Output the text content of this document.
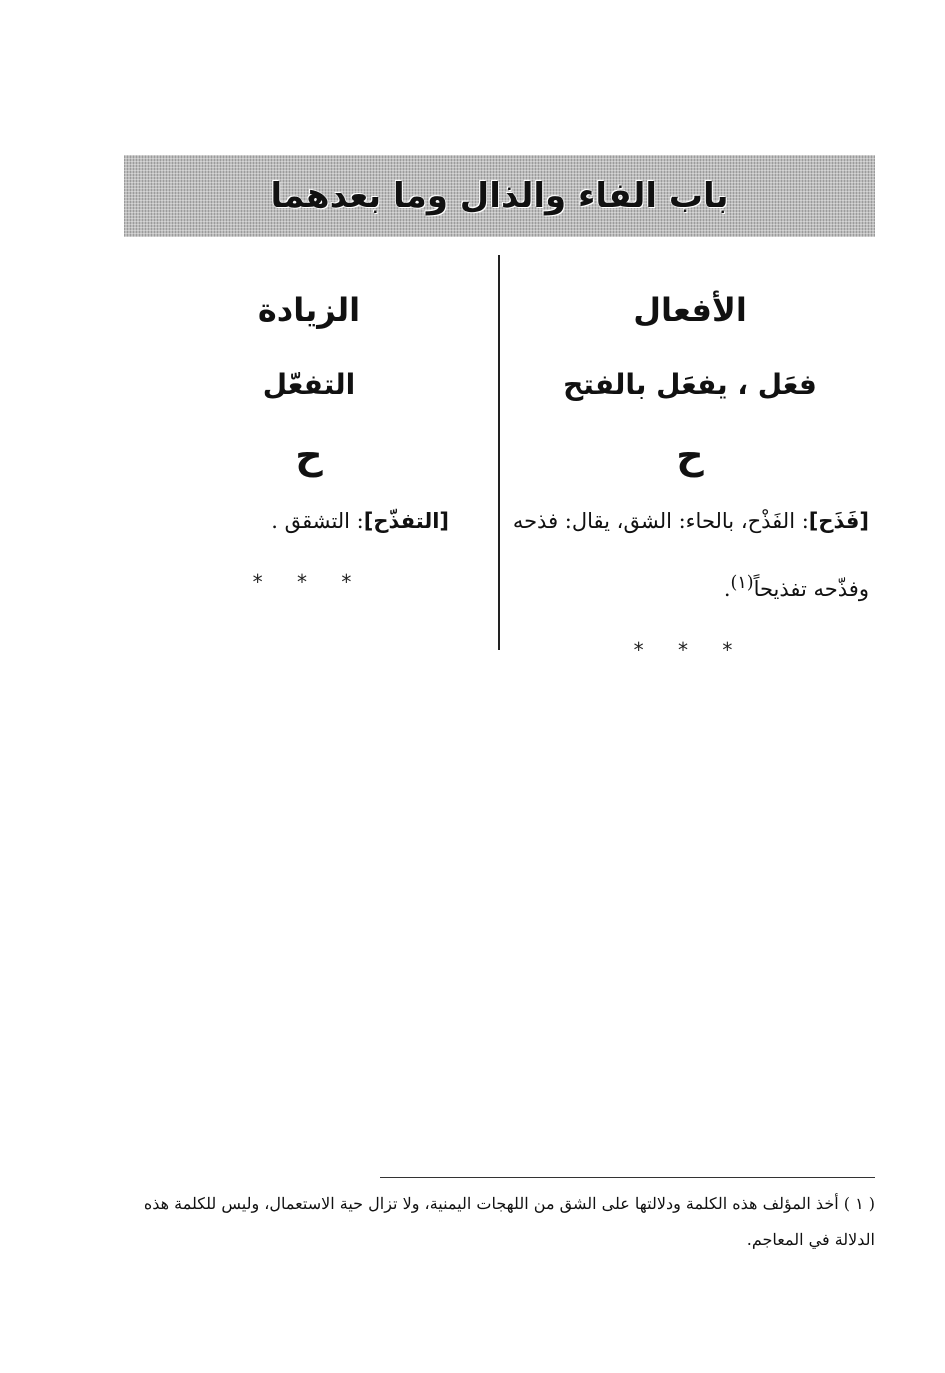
باب الفاء والذال وما بعدهما
الأفعال
فعَل ، يفعَل بالفتح
ح
[فَذَح]: الفَذْح، بالحاء: الشق، يقال: فذحه وفذّحه تفذيحاً$^{(١)}$.
* * *
الزيادة
التفعّل
ح
[التفذّح]: التشقق .
* * *
( ١ ) أخذ المؤلف هذه الكلمة ودلالتها على الشق من اللهجات اليمنية، ولا تزال حية الاستعمال، وليس للكلمة هذه الدلالة في المعاجم.
